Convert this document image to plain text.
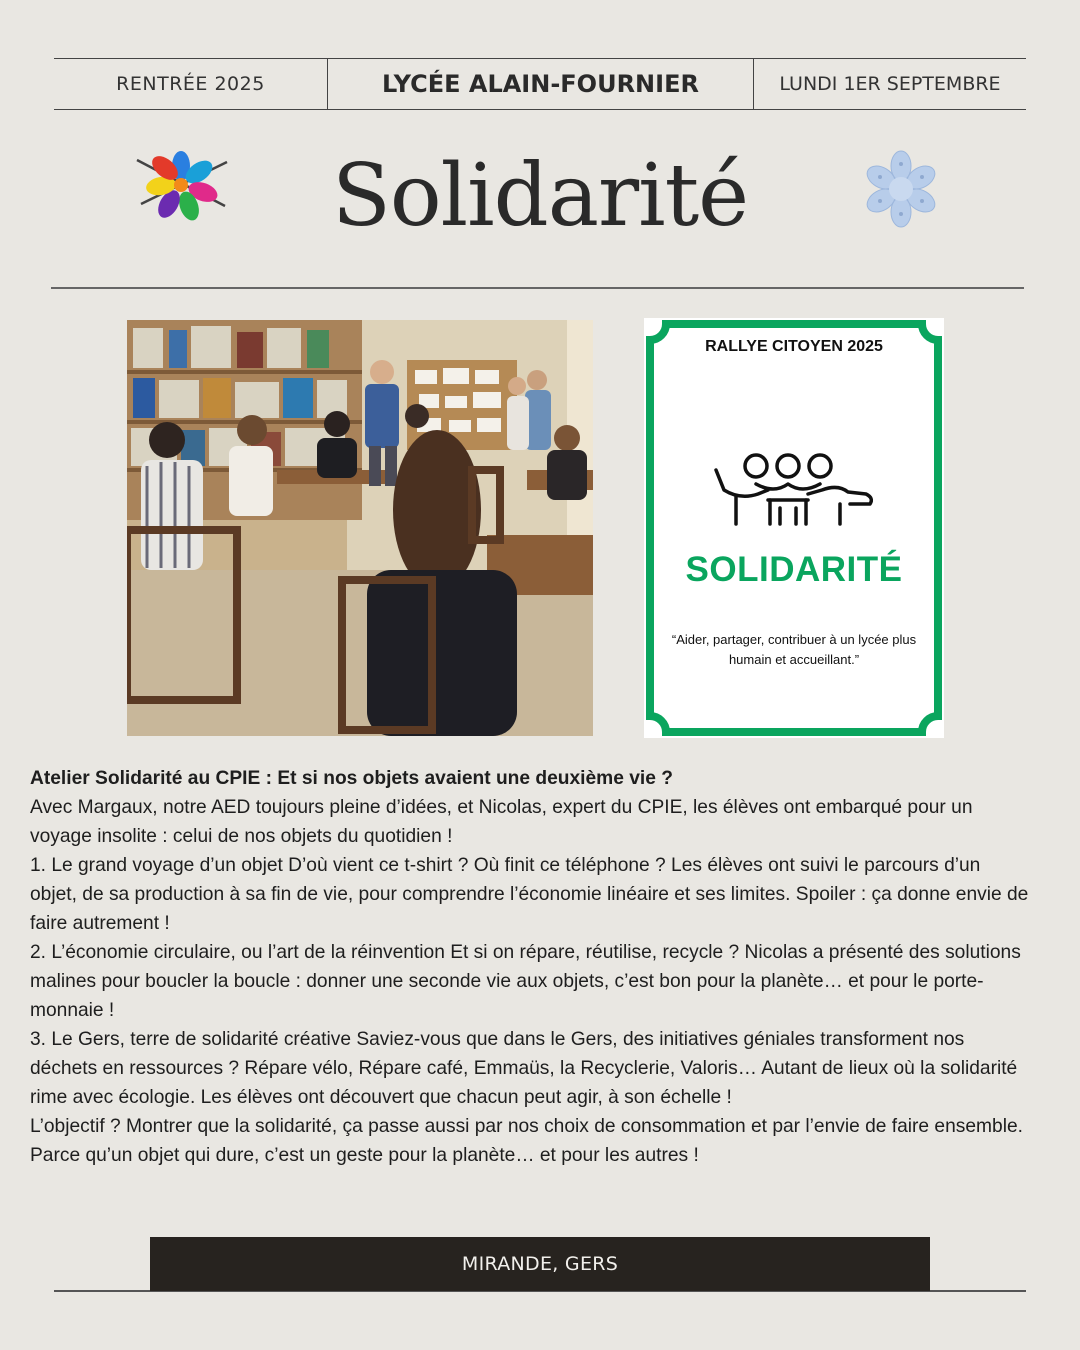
RENTRÉE 2025	LYCÉE ALAIN-FOURNIER	LUNDI 1ER SEPTEMBRE
Solidarité
RALLYE CITOYEN 2025
SOLIDARITÉ
“Aider, partager, contribuer à un lycée plus
humain et accueillant.”

Atelier Solidarité au CPIE : Et si nos objets avaient une deuxième vie ?

Avec Margaux, notre AED toujours pleine d’idées, et Nicolas, expert du CPIE, les élèves ont embarqué pour un voyage insolite : celui de nos objets du quotidien !

1. Le grand voyage d’un objet D’où vient ce t-shirt ? Où finit ce téléphone ? Les élèves ont suivi le parcours d’un objet, de sa production à sa fin de vie, pour comprendre l’économie linéaire et ses limites. Spoiler : ça donne envie de faire autrement !

2. L’économie circulaire, ou l’art de la réinvention Et si on répare, réutilise, recycle ? Nicolas a présenté des solutions malines pour boucler la boucle : donner une seconde vie aux objets, c’est bon pour la planète… et pour le porte-monnaie !

3. Le Gers, terre de solidarité créative Saviez-vous que dans le Gers, des initiatives géniales transforment nos déchets en ressources ? Répare vélo, Répare café, Emmaüs, la Recyclerie, Valoris… Autant de lieux où la solidarité rime avec écologie. Les élèves ont découvert que chacun peut agir, à son échelle !

L’objectif ? Montrer que la solidarité, ça passe aussi par nos choix de consommation et par l’envie de faire ensemble. Parce qu’un objet qui dure, c’est un geste pour la planète… et pour les autres !

MIRANDE, GERS
